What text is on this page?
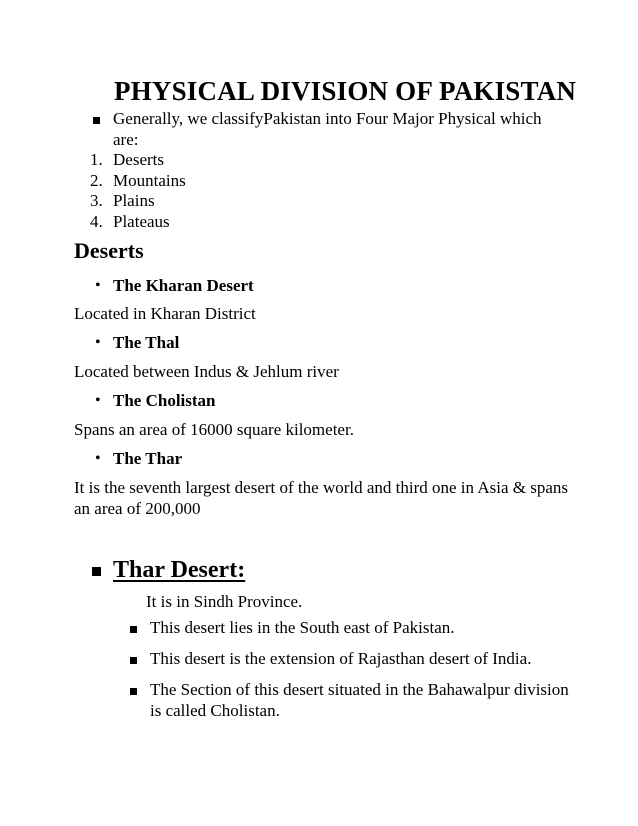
PHYSICAL DIVISION OF PAKISTAN
Generally, we classifyPakistan into Four Major Physical which
are:
1. Deserts
2. Mountains
3. Plains
4. Plateaus
Deserts
• The Kharan Desert
Located in Kharan District
• The Thal
Located between Indus & Jehlum river
• The Cholistan
Spans an area of 16000 square kilometer.
• The Thar
It is the seventh largest desert of the world and third one in Asia & spans
an area of 200,000
Thar Desert:
It is in Sindh Province.
This desert lies in the South east of Pakistan.
This desert is the extension of Rajasthan desert of India.
The Section of this desert situated in the Bahawalpur division
is called Cholistan.
